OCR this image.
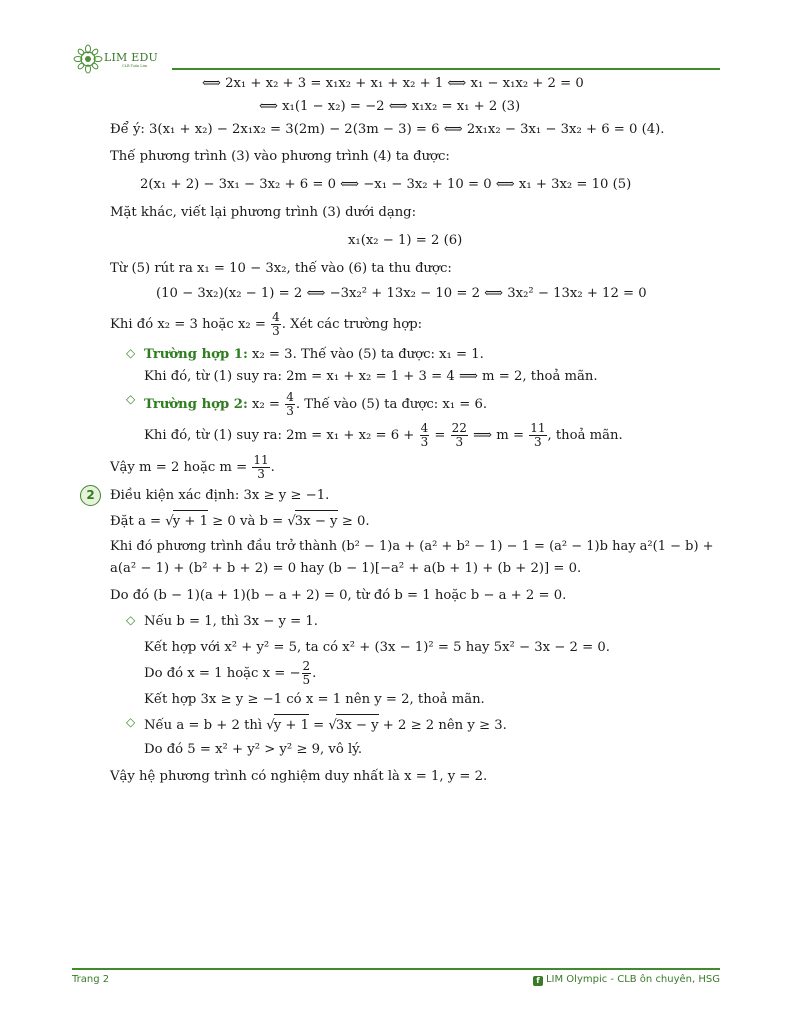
LIM EDU
CLB Toán Lim
⟺ 2x₁ + x₂ + 3 = x₁x₂ + x₁ + x₂ + 1 ⟺ x₁ − x₁x₂ + 2 = 0
⟺ x₁(1 − x₂) = −2 ⟺ x₁x₂ = x₁ + 2 (3)
Để ý: 3(x₁ + x₂) − 2x₁x₂ = 3(2m) − 2(3m − 3) = 6 ⟺ 2x₁x₂ − 3x₁ − 3x₂ + 6 = 0 (4).
Thế phương trình (3) vào phương trình (4) ta được:
2(x₁ + 2) − 3x₁ − 3x₂ + 6 = 0 ⟺ −x₁ − 3x₂ + 10 = 0 ⟺ x₁ + 3x₂ = 10 (5)
Mặt khác, viết lại phương trình (3) dưới dạng:
x₁(x₂ − 1) = 2 (6)
Từ (5) rút ra x₁ = 10 − 3x₂, thế vào (6) ta thu được:
(10 − 3x₂)(x₂ − 1) = 2 ⟺ −3x₂² + 13x₂ − 10 = 2 ⟺ 3x₂² − 13x₂ + 12 = 0
Khi đó x₂ = 3 hoặc $x_2 = \frac{4}{3}$ . Xét các trường hợp:
◇ Trường hợp 1: x₂ = 3. Thế vào (5) ta được: x₁ = 1.
Khi đó, từ (1) suy ra: 2m = x₁ + x₂ = 1 + 3 = 4 ⟹ m = 2, thoả mãn.
◇ Trường hợp 2: $x_2 = \frac{4}{3}$ . Thế vào (5) ta được: x₁ = 6.
Khi đó, từ (1) suy ra: $2m = x_1 + x_2 = 6 + \frac{4}{3} = \frac{22}{3}$ ⟹ $m = \frac{11}{3}$ , thoả mãn.
Vậy m = 2 hoặc $m = \frac{11}{3}$ .
2	Điều kiện xác định: 3x ≥ y ≥ −1.
Đặt a = √y + 1 ≥ 0 và b = √3x − y ≥ 0.
Khi đó phương trình đầu trở thành (b² − 1)a + (a² + b² − 1) − 1 = (a² − 1)b hay a²(1 − b) +
a(a² − 1) + (b² + b + 2) = 0 hay (b − 1)[−a² + a(b + 1) + (b + 2)] = 0.
Do đó (b − 1)(a + 1)(b − a + 2) = 0, từ đó b = 1 hoặc b − a + 2 = 0.
◇ Nếu b = 1, thì 3x − y = 1.
Kết hợp với x² + y² = 5, ta có x² + (3x − 1)² = 5 hay 5x² − 3x − 2 = 0.
Do đó x = 1 hoặc x = − $\frac{2}{5}$ .
Kết hợp 3x ≥ y ≥ −1 có x = 1 nên y = 2, thoả mãn.
◇ Nếu a = b + 2 thì √y + 1 = √3x − y + 2 ≥ 2 nên y ≥ 3.
Do đó 5 = x² + y² > y² ≥ 9, vô lý.
Vậy hệ phương trình có nghiệm duy nhất là x = 1, y = 2.
Trang 2	f LIM Olympic - CLB ôn chuyên, HSG
